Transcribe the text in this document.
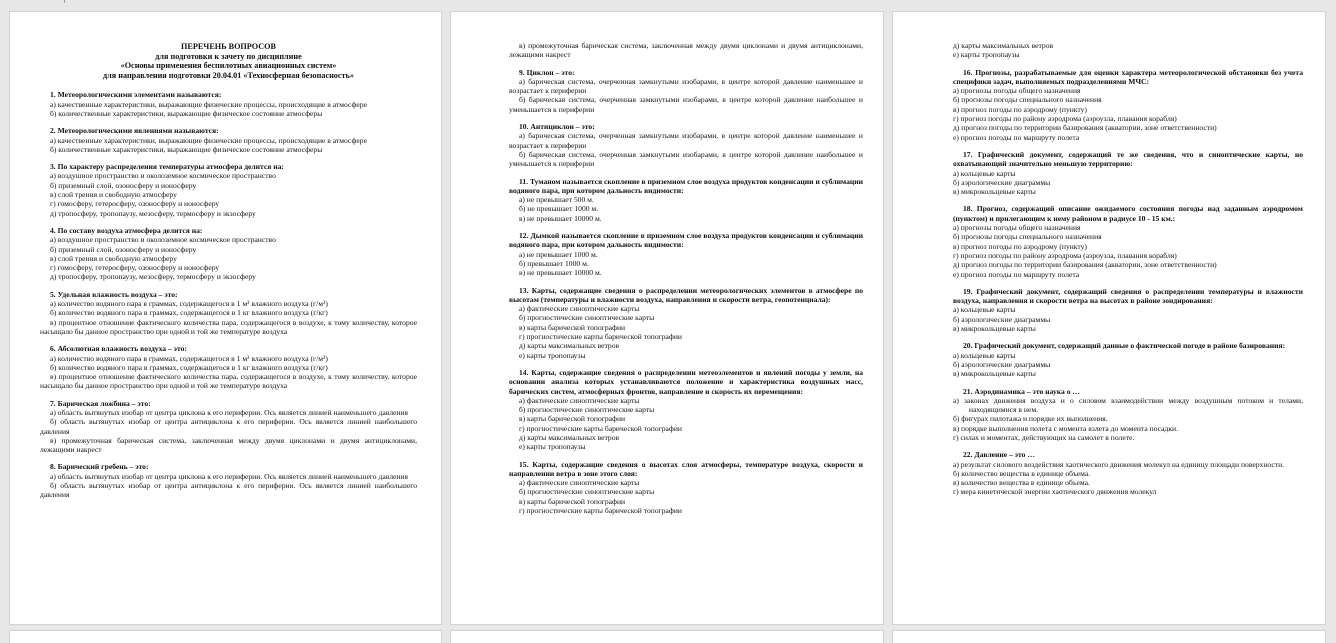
ПЕРЕЧЕНЬ ВОПРОСОВ
для подготовки к зачету по дисциплине
«Основы применения беспилотных авиационных систем»
для направления подготовки 20.04.01 «Техносферная безопасность»
1. Метеорологическими элементами называются:
а) качественные характеристики, выражающие физические процессы, происходящие в атмосфере
б) количественные характеристики, выражающие физическое состояние атмосферы
2. Метеорологическими явлениями называются:
а) качественные характеристики, выражающие физические процессы, происходящие в атмосфере
б) количественные характеристики, выражающие физическое состояние атмосферы
3. По характеру распределения температуры атмосфера делится на:
а) воздушное пространство и околоземное космическое пространство
б) приземный слой, озоносферу и ионосферу
в) слой трения и свободную атмосферу
г) гомосферу, гетеросферу, озоносферу и ионосферу
д) тропосферу, тропопаузу, мезосферу, термосферу и экзосферу
4. По составу воздуха атмосфера делится на:
а) воздушное пространство и околоземное космическое пространство
б) приземный слой, озоносферу и ионосферу
в) слой трения и свободную атмосферу
г) гомосферу, гетеросферу, озоносферу и ионосферу
д) тропосферу, тропопаузу, мезосферу, термосферу и экзосферу
5. Удельная влажность воздуха – это:
а) количество водяного пара в граммах, содержащегося в 1 м³ влажного воздуха (г/м³)
б) количество водяного пара в граммах, содержащегося в 1 кг влажного воздуха (г/кг)
в) процентное отношение фактического количества пара, содержащегося в воздухе, к тому количеству, которое насыщало бы данное пространство при одной и той же температуре воздуха
6. Абсолютная влажность воздуха – это:
а) количество водяного пара в граммах, содержащегося в 1 м³ влажного воздуха (г/м³)
б) количество водяного пара в граммах, содержащегося в 1 кг влажного воздуха (г/кг)
в) процентное отношение фактического количества пара, содержащегося в воздухе, к тому количеству, которое насыщало бы данное пространство при одной и той же температуре воздуха
7. Барическая ложбина – это:
а) область вытянутых изобар от центра циклона к его периферии. Ось является линией наименьшего давления
б) область вытянутых изобар от центра антициклона к его периферии. Ось является линией наибольшего давления
в) промежуточная барическая система, заключенная между двумя циклонами и двумя антициклонами, лежащими накрест
8. Барический гребень – это:
а) область вытянутых изобар от центра циклона к его периферии. Ось является линией наименьшего давления
б) область вытянутых изобар от центра антициклона к его периферии. Ось является линией наибольшего давления
в) промежуточная барическая система, заключенная между двумя циклонами и двумя антициклонами, лежащими накрест
9. Циклон – это:
а) барическая система, очерченная замкнутыми изобарами, в центре которой давление наименьшее и возрастает к периферии
б) барическая система, очерченная замкнутыми изобарами, в центре которой давление наибольшее и уменьшается к периферии
10. Антициклон – это:
а) барическая система, очерченная замкнутыми изобарами, в центре которой давление наименьшее и возрастает к периферии
б) барическая система, очерченная замкнутыми изобарами, в центре которой давление наибольшее и уменьшается к периферии
11. Туманом называется скопление в приземном слое воздуха продуктов конденсации и сублимации водяного пара, при котором дальность видимости:
а) не превышает 500 м.
б) не превышает 1000 м.
в) не превышает 10000 м.
12. Дымкой называется скопление в приземном слое воздуха продуктов конденсации и сублимации водяного пара, при котором дальность видимости:
а) не превышает 1000 м.
б) превышает 1000 м.
в) не превышает 10000 м.
13. Карты, содержащие сведения о распределении метеорологических элементов в атмосфере по высотам (температуры и влажности воздуха, направления и скорости ветра, геопотенциала):
а) фактические синоптические карты
б) прогностические синоптические карты
в) карты барической топографии
г) прогностические карты барической топографии
д) карты максимальных ветров
е) карты тропопаузы
14. Карты, содержащие сведения о распределении метеоэлементов и явлений погоды у земли, на основании анализа которых устанавливаются положение и характеристика воздушных масс, барических систем, атмосферных фронтов, направление и скорость их перемещения:
а) фактические синоптические карты
б) прогностические синоптические карты
в) карты барической топографии
г) прогностические карты барической топографии
д) карты максимальных ветров
е) карты тропопаузы
15. Карты, содержащие сведения о высотах слоя атмосферы, температуре воздуха, скорости и направлении ветра в зоне этого слоя:
а) фактические синоптические карты
б) прогностические синоптические карты
в) карты барической топографии
г) прогностические карты барической топографии
д) карты максимальных ветров
е) карты тропопаузы
16. Прогнозы, разрабатываемые для оценки характера метеорологической обстановки без учета специфики задач, выполняемых подразделениями МЧС:
а) прогнозы погоды общего назначения
б) прогнозы погоды специального назначения
в) прогноз погоды по аэродрому (пункту)
г) прогноз погоды по району аэродрома (аэроузла, плавания корабля)
д) прогноз погоды по территории базирования (акватории, зоне ответственности)
е) прогноз погоды по маршруту полета
17. Графический документ, содержащий те же сведения, что и синоптические карты, но охватывающий значительно меньшую территорию:
а) кольцевые карты
б) аэрологические диаграммы
в) микрокольцевые карты
18. Прогноз, содержащий описание ожидаемого состояния погоды над заданным аэродромом (пунктом) и прилегающим к нему районом в радиусе 10 - 15 км.:
а) прогнозы погоды общего назначения
б) прогнозы погоды специального назначения
в) прогноз погоды по аэродрому (пункту)
г) прогноз погоды по району аэродрома (аэроузла, плавания корабля)
д) прогноз погоды по территории базирования (акватории, зоне ответственности)
е) прогноз погоды по маршруту полета
19. Графический документ, содержащий сведения о распределении температуры и влажности воздуха, направления и скорости ветра на высотах в районе зондирования:
а) кольцевые карты
б) аэрологические диаграммы
в) микрокольцевые карты
20. Графический документ, содержащий данные о фактической погоде в районе базирования:
а) кольцевые карты
б) аэрологические диаграммы
в) микрокольцевые карты
21. Аэродинамика – это наука о …
а) законах движения воздуха и о силовом взаимодействии между воздушным потоком и телами, находящимися в нем.
б) фигурах пилотажа и порядке их выполнения.
в) порядке выполнения полета с момента взлета до момента посадки.
г) силах и моментах, действующих на самолет в полете.
22. Давление – это …
а) результат силового воздействия хаотического движения молекул на единицу площади поверхности.
б) количество вещества в единице объема.
в) количество вещества в единице объема.
г) мера кинетической энергии хаотического движения молекул
